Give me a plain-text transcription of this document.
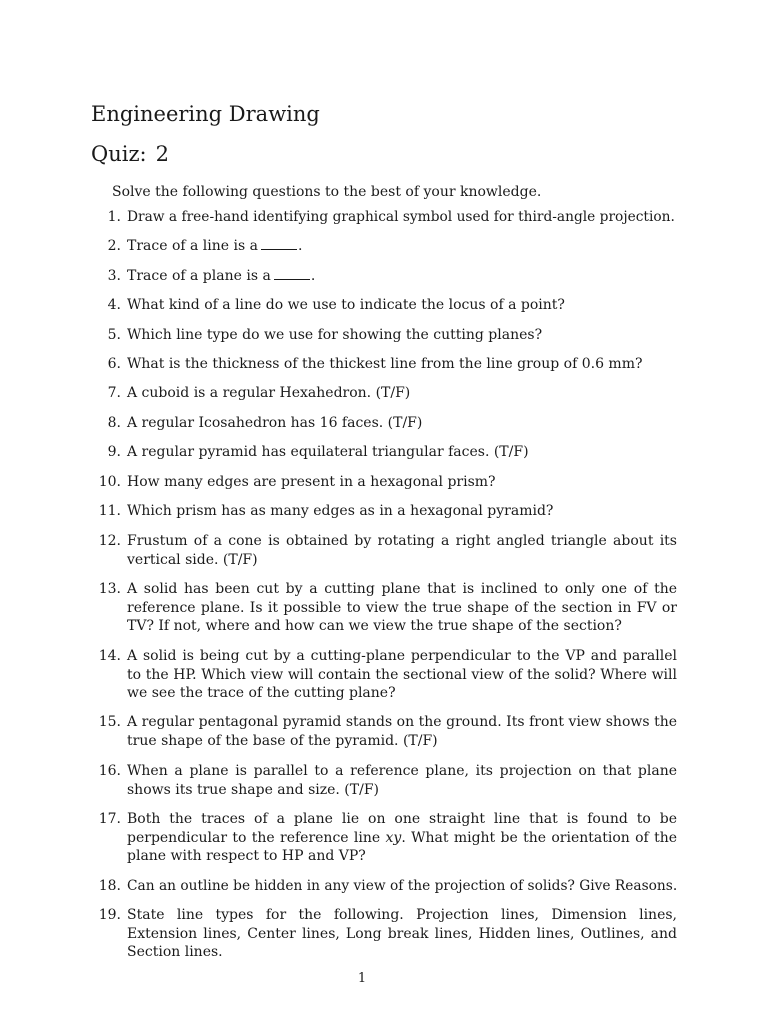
Engineering Drawing
Quiz: 2
Solve the following questions to the best of your knowledge.
1. Draw a free-hand identifying graphical symbol used for third-angle projection.
2. Trace of a line is a	.
3. Trace of a plane is a	.
4. What kind of a line do we use to indicate the locus of a point?
5. Which line type do we use for showing the cutting planes?
6. What is the thickness of the thickest line from the line group of 0.6 mm?
7. A cuboid is a regular Hexahedron. (T/F)
8. A regular Icosahedron has 16 faces. (T/F)
9. A regular pyramid has equilateral triangular faces. (T/F)
10. How many edges are present in a hexagonal prism?
11. Which prism has as many edges as in a hexagonal pyramid?
12. Frustum of a cone is obtained by rotating a right angled triangle about its vertical side. (T/F)
13. A solid has been cut by a cutting plane that is inclined to only one of the reference plane. Is it possible to view the true shape of the section in FV or TV? If not, where and how can we view the true shape of the section?
14. A solid is being cut by a cutting-plane perpendicular to the VP and parallel to the HP. Which view will contain the sectional view of the solid? Where will we see the trace of the cutting plane?
15. A regular pentagonal pyramid stands on the ground. Its front view shows the true shape of the base of the pyramid. (T/F)
16. When a plane is parallel to a reference plane, its projection on that plane shows its true shape and size. (T/F)
17. Both the traces of a plane lie on one straight line that is found to be perpendicular to the reference line xy. What might be the orientation of the plane with respect to HP and VP?
18. Can an outline be hidden in any view of the projection of solids? Give Reasons.
19. State line types for the following. Projection lines, Dimension lines, Extension lines, Center lines, Long break lines, Hidden lines, Outlines, and Section lines.
1
